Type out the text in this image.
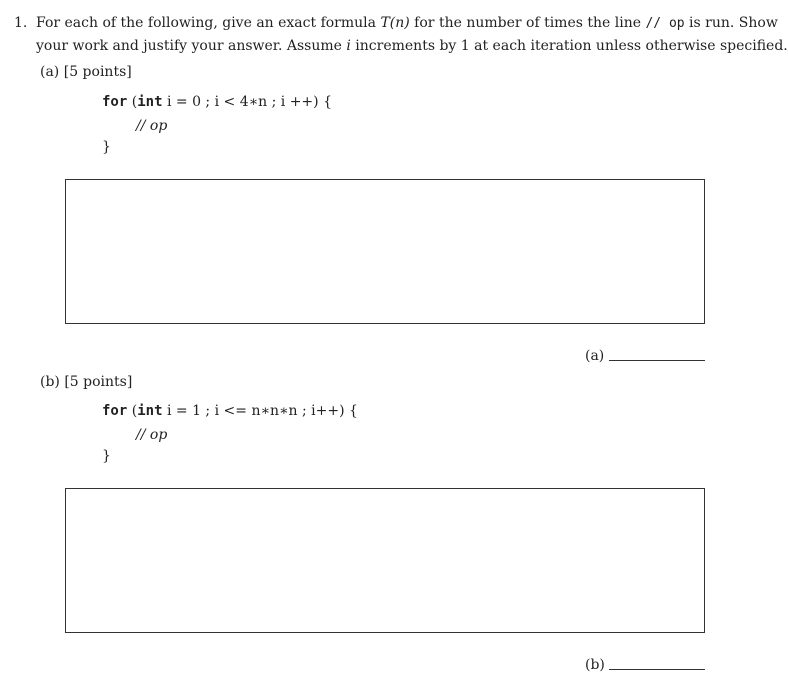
1. For each of the following, give an exact formula T(n) for the number of times the line // op is run. Show
your work and justify your answer. Assume i increments by 1 at each iteration unless otherwise specified.
(a) [5 points]
for (int i = 0 ; i < 4∗n ; i ++) {
// op
}
(a)
(b) [5 points]
for (int i = 1 ; i <= n∗n∗n ; i++) {
// op
}
(b)
